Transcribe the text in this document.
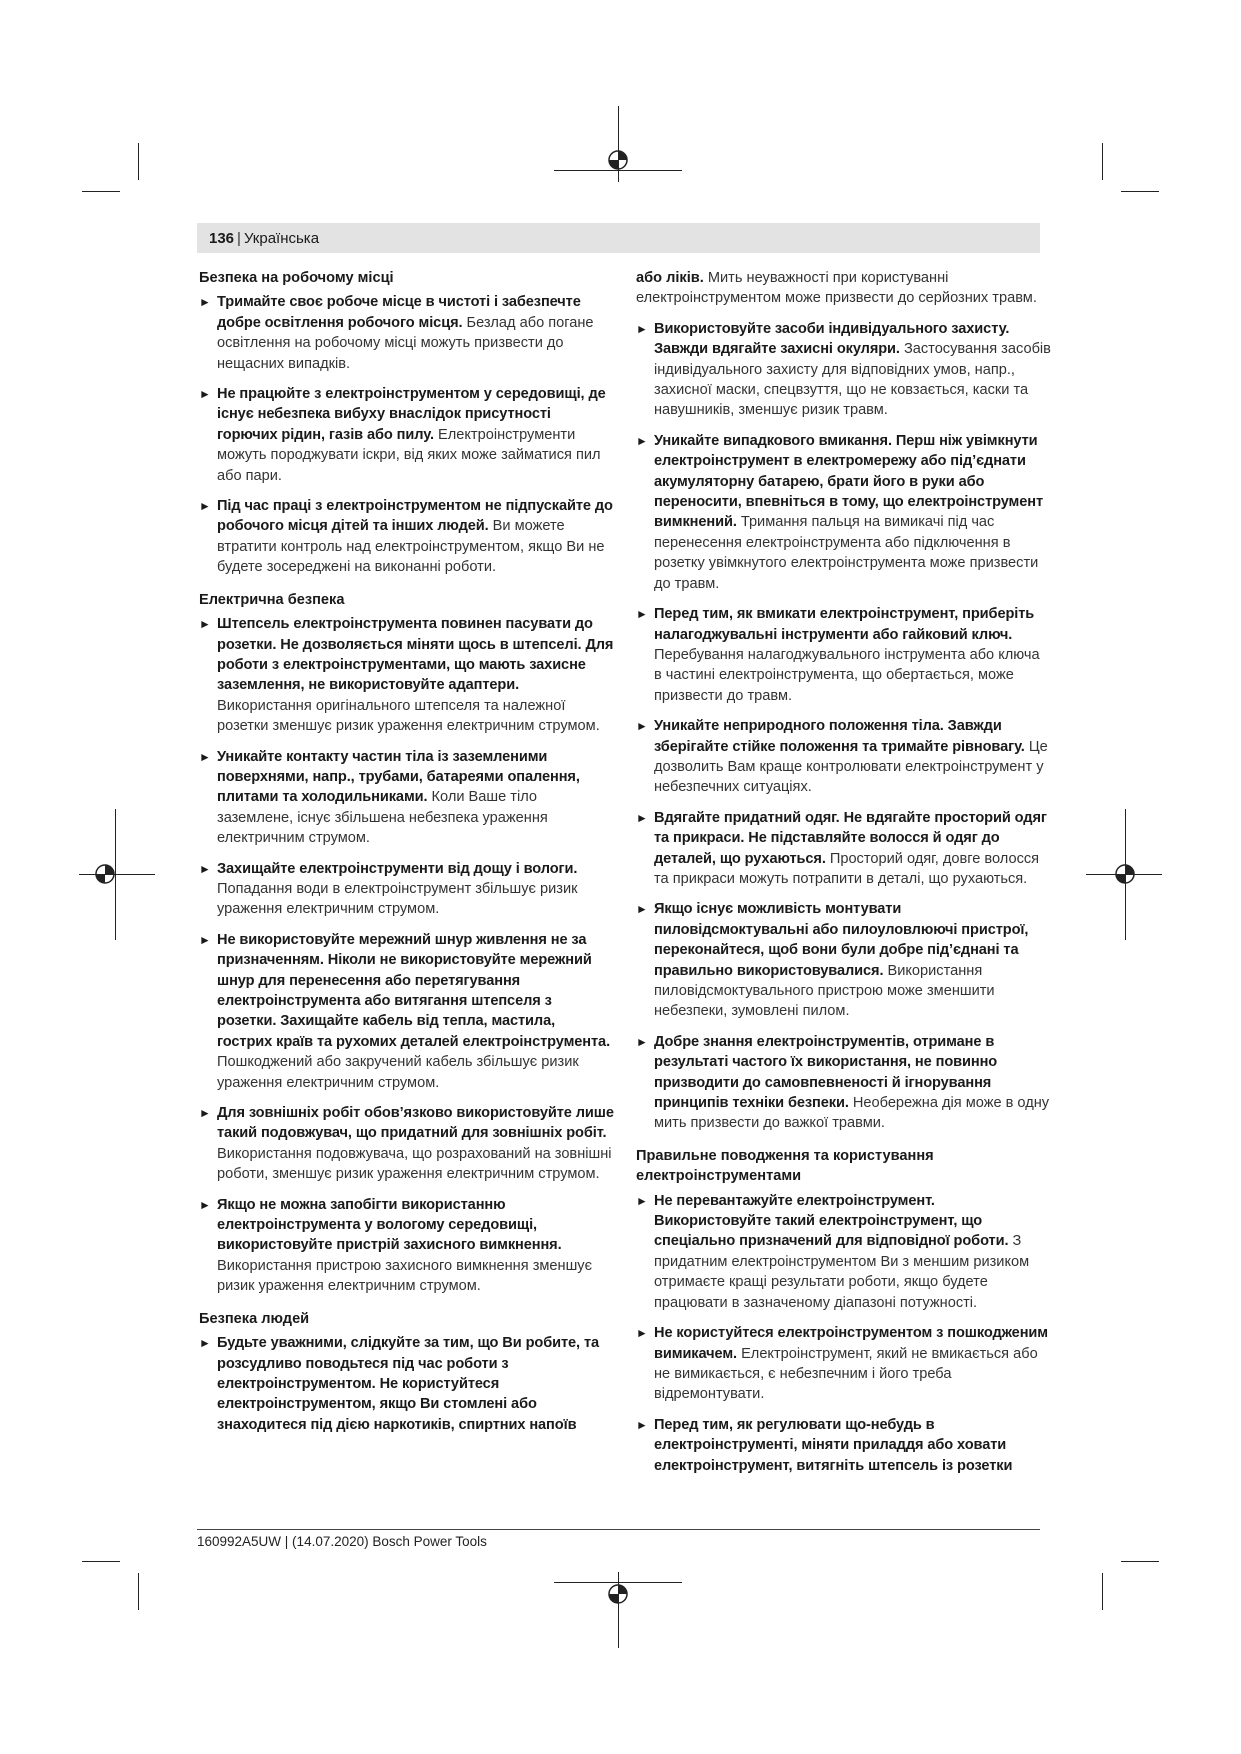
136 | Українська
Безпека на робочому місці
► Тримайте своє робоче місце в чистоті і забезпечте добре освітлення робочого місця. Безлад або погане освітлення на робочому місці можуть призвести до нещасних випадків.
► Не працюйте з електроінструментом у середовищі, де існує небезпека вибуху внаслідок присутності горючих рідин, газів або пилу. Електроінструменти можуть породжувати іскри, від яких може займатися пил або пари.
► Під час праці з електроінструментом не підпускайте до робочого місця дітей та інших людей. Ви можете втратити контроль над електроінструментом, якщо Ви не будете зосереджені на виконанні роботи.
Електрична безпека
► Штепсель електроінструмента повинен пасувати до розетки. Не дозволяється міняти щось в штепселі. Для роботи з електроінструментами, що мають захисне заземлення, не використовуйте адаптери. Використання оригінального штепселя та належної розетки зменшує ризик ураження електричним струмом.
► Уникайте контакту частин тіла із заземленими поверхнями, напр., трубами, батареями опалення, плитами та холодильниками. Коли Ваше тіло заземлене, існує збільшена небезпека ураження електричним струмом.
► Захищайте електроінструменти від дощу і вологи. Попадання води в електроінструмент збільшує ризик ураження електричним струмом.
► Не використовуйте мережний шнур живлення не за призначенням. Ніколи не використовуйте мережний шнур для перенесення або перетягування електроінструмента або витягання штепселя з розетки. Захищайте кабель від тепла, мастила, гострих країв та рухомих деталей електроінструмента. Пошкоджений або закручений кабель збільшує ризик ураження електричним струмом.
► Для зовнішніх робіт обов’язково використовуйте лише такий подовжувач, що придатний для зовнішніх робіт. Використання подовжувача, що розрахований на зовнішні роботи, зменшує ризик ураження електричним струмом.
► Якщо не можна запобігти використанню електроінструмента у вологому середовищі, використовуйте пристрій захисного вимкнення. Використання пристрою захисного вимкнення зменшує ризик ураження електричним струмом.
Безпека людей
► Будьте уважними, слідкуйте за тим, що Ви робите, та розсудливо поводьтеся під час роботи з електроінструментом. Не користуйтеся електроінструментом, якщо Ви стомлені або знаходитеся під дією наркотиків, спиртних напоїв
або ліків. Мить неуважності при користуванні електроінструментом може призвести до серйозних травм.
► Використовуйте засоби індивідуального захисту. Завжди вдягайте захисні окуляри. Застосування засобів індивідуального захисту для відповідних умов, напр., захисної маски, спецвзуття, що не ковзається, каски та навушників, зменшує ризик травм.
► Уникайте випадкового вмикання. Перш ніж увімкнути електроінструмент в електромережу або під’єднати акумуляторну батарею, брати його в руки або переносити, впевніться в тому, що електроінструмент вимкнений. Тримання пальця на вимикачі під час перенесення електроінструмента або підключення в розетку увімкнутого електроінструмента може призвести до травм.
► Перед тим, як вмикати електроінструмент, приберіть налагоджувальні інструменти або гайковий ключ. Перебування налагоджувального інструмента або ключа в частині електроінструмента, що обертається, може призвести до травм.
► Уникайте неприродного положення тіла. Завжди зберігайте стійке положення та тримайте рівновагу. Це дозволить Вам краще контролювати електроінструмент у небезпечних ситуаціях.
► Вдягайте придатний одяг. Не вдягайте просторий одяг та прикраси. Не підставляйте волосся й одяг до деталей, що рухаються. Просторий одяг, довге волосся та прикраси можуть потрапити в деталі, що рухаються.
► Якщо існує можливість монтувати пиловідсмоктувальні або пилоуловлюючі пристрої, переконайтеся, щоб вони були добре під’єднані та правильно використовувалися. Використання пиловідсмоктувального пристрою може зменшити небезпеки, зумовлені пилом.
► Добре знання електроінструментів, отримане в результаті частого їх використання, не повинно призводити до самовпевненості й ігнорування принципів техніки безпеки. Необережна дія може в одну мить призвести до важкої травми.
Правильне поводження та користування електроінструментами
► Не перевантажуйте електроінструмент. Використовуйте такий електроінструмент, що спеціально призначений для відповідної роботи. З придатним електроінструментом Ви з меншим ризиком отримаєте кращі результати роботи, якщо будете працювати в зазначеному діапазоні потужності.
► Не користуйтеся електроінструментом з пошкодженим вимикачем. Електроінструмент, який не вмикається або не вимикається, є небезпечним і його треба відремонтувати.
► Перед тим, як регулювати що-небудь в електроінструменті, міняти приладдя або ховати електроінструмент, витягніть штепсель із розетки
160992A5UW | (14.07.2020) Bosch Power Tools
